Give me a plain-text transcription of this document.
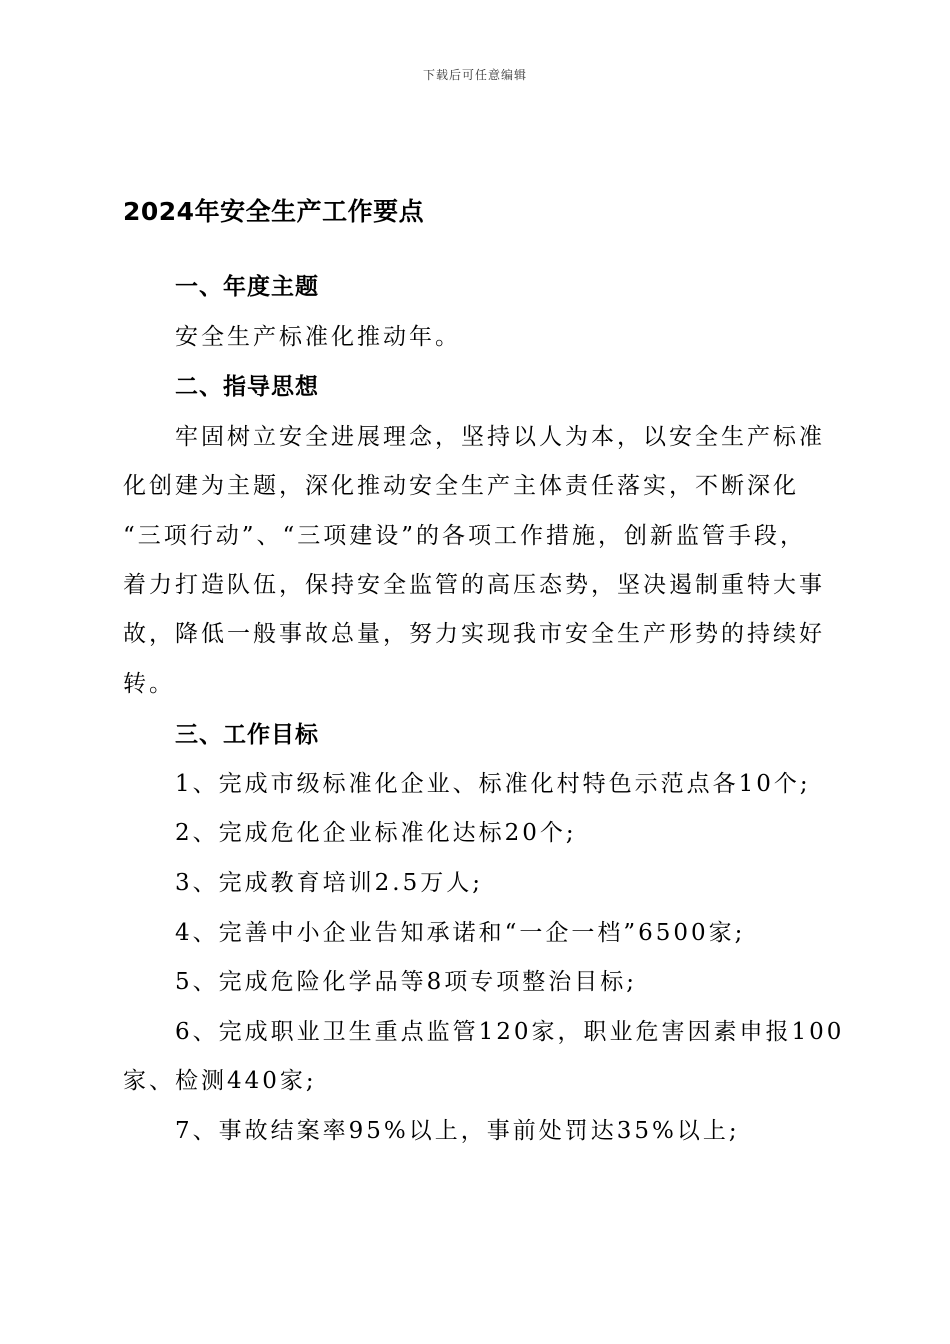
下载后可任意编辑
2024年安全生产工作要点
一、年度主题
安全生产标准化推动年。
二、指导思想
牢固树立安全进展理念，坚持以人为本，以安全生产标准
化创建为主题，深化推动安全生产主体责任落实，不断深化
“三项行动”、“三项建设”的各项工作措施，创新监管手段，
着力打造队伍，保持安全监管的高压态势，坚决遏制重特大事
故，降低一般事故总量，努力实现我市安全生产形势的持续好
转。
三、工作目标
1、完成市级标准化企业、标准化村特色示范点各10个;
2、完成危化企业标准化达标20个;
3、完成教育培训2.5万人;
4、完善中小企业告知承诺和“一企一档”6500家;
5、完成危险化学品等8项专项整治目标;
6、完成职业卫生重点监管120家，职业危害因素申报100
家、检测440家;
7、事故结案率95%以上，事前处罚达35%以上;
